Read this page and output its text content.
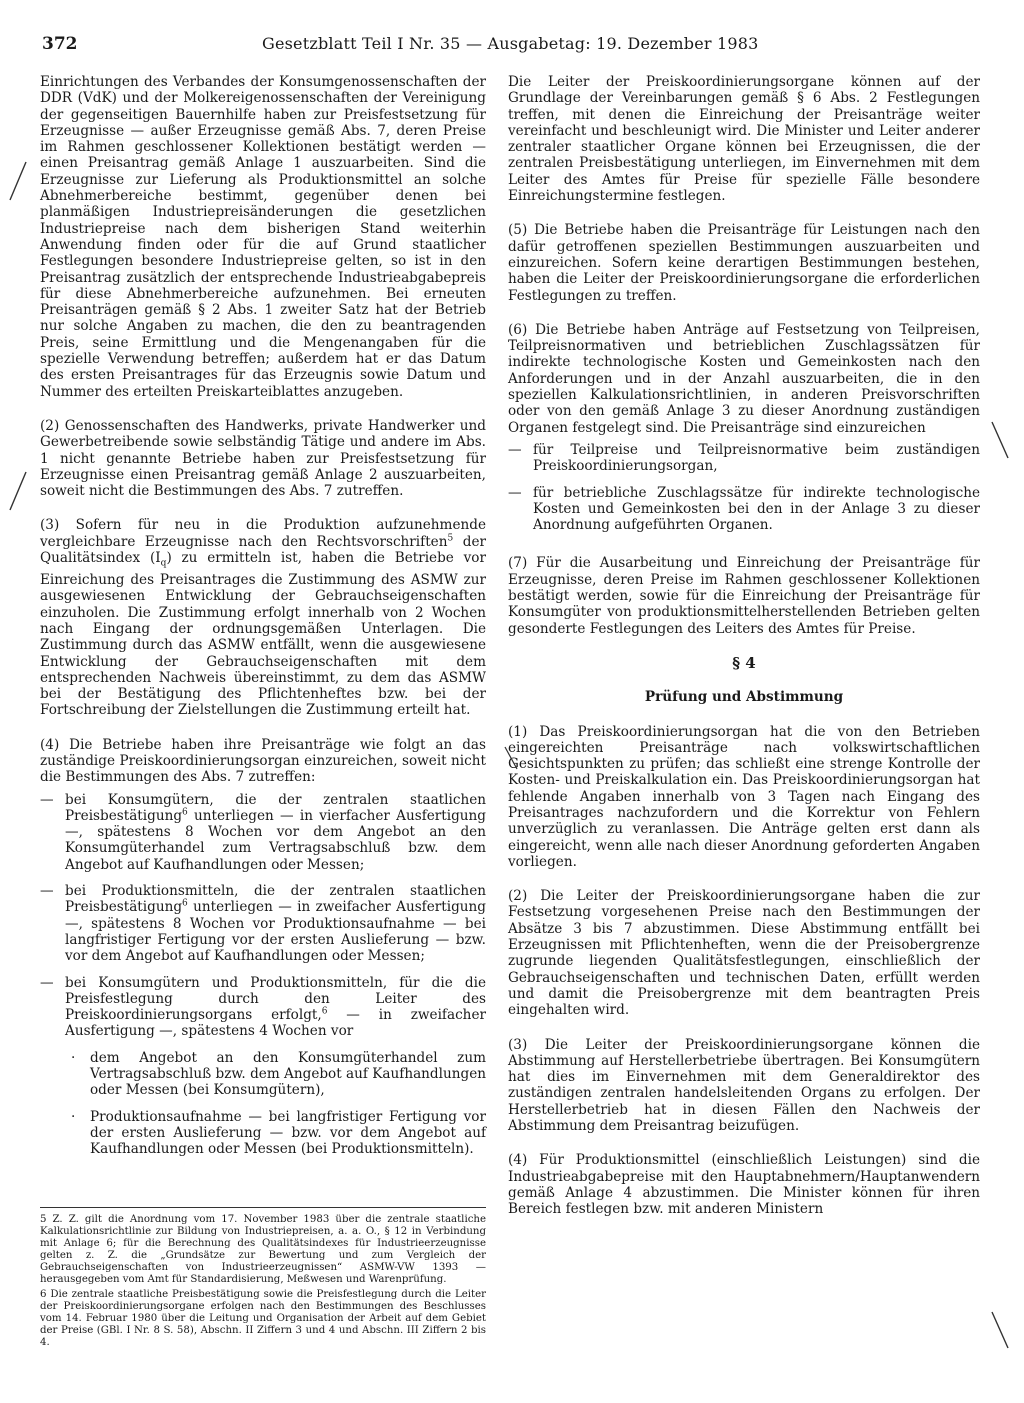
372	Gesetzblatt Teil I Nr. 35 — Ausgabetag: 19. Dezember 1983

Einrichtungen des Verbandes der Konsumgenossenschaften der DDR (VdK) und der Molkereigenossenschaften der Vereinigung der gegenseitigen Bauernhilfe haben zur Preisfestsetzung für Erzeugnisse — außer Erzeugnisse gemäß Abs. 7, deren Preise im Rahmen geschlossener Kollektionen bestätigt werden — einen Preisantrag gemäß Anlage 1 auszuarbeiten. Sind die Erzeugnisse zur Lieferung als Produktionsmittel an solche Abnehmerbereiche bestimmt, gegenüber denen bei planmäßigen Industriepreisänderungen die gesetzlichen Industriepreise nach dem bisherigen Stand weiterhin Anwendung finden oder für die auf Grund staatlicher Festlegungen besondere Industriepreise gelten, so ist in den Preisantrag zusätzlich der entsprechende Industrieabgabepreis für diese Abnehmerbereiche aufzunehmen. Bei erneuten Preisanträgen gemäß § 2 Abs. 1 zweiter Satz hat der Betrieb nur solche Angaben zu machen, die den zu beantragenden Preis, seine Ermittlung und die Mengenangaben für die spezielle Verwendung betreffen; außerdem hat er das Datum des ersten Preisantrages für das Erzeugnis sowie Datum und Nummer des erteilten Preiskarteiblattes anzugeben.

(2) Genossenschaften des Handwerks, private Handwerker und Gewerbetreibende sowie selbständig Tätige und andere im Abs. 1 nicht genannte Betriebe haben zur Preisfestsetzung für Erzeugnisse einen Preisantrag gemäß Anlage 2 auszuarbeiten, soweit nicht die Bestimmungen des Abs. 7 zutreffen.

(3) Sofern für neu in die Produktion aufzunehmende vergleichbare Erzeugnisse nach den Rechtsvorschriften$^5$ der Qualitätsindex $(I_q)$ zu ermitteln ist, haben die Betriebe vor Einreichung des Preisantrages die Zustimmung des ASMW zur ausgewiesenen Entwicklung der Gebrauchseigenschaften einzuholen. Die Zustimmung erfolgt innerhalb von 2 Wochen nach Eingang der ordnungsgemäßen Unterlagen. Die Zustimmung durch das ASMW entfällt, wenn die ausgewiesene Entwicklung der Gebrauchseigenschaften mit dem entsprechenden Nachweis übereinstimmt, zu dem das ASMW bei der Bestätigung des Pflichtenheftes bzw. bei der Fortschreibung der Zielstellungen die Zustimmung erteilt hat.

(4) Die Betriebe haben ihre Preisanträge wie folgt an das zuständige Preiskoordinierungsorgan einzureichen, soweit nicht die Bestimmungen des Abs. 7 zutreffen:

— bei Konsumgütern, die der zentralen staatlichen Preisbestätigung$^6$ unterliegen — in vierfacher Ausfertigung —, spätestens 8 Wochen vor dem Angebot an den Konsumgüterhandel zum Vertragsabschluß bzw. dem Angebot auf Kaufhandlungen oder Messen;
— bei Produktionsmitteln, die der zentralen staatlichen Preisbestätigung$^6$ unterliegen — in zweifacher Ausfertigung —, spätestens 8 Wochen vor Produktionsaufnahme — bei langfristiger Fertigung vor der ersten Auslieferung — bzw. vor dem Angebot auf Kaufhandlungen oder Messen;
— bei Konsumgütern und Produktionsmitteln, für die die Preisfestlegung durch den Leiter des Preiskoordinierungsorgans erfolgt,$^6$ — in zweifacher Ausfertigung —, spätestens 4 Wochen vor
· dem Angebot an den Konsumgüterhandel zum Vertragsabschluß bzw. dem Angebot auf Kaufhandlungen oder Messen (bei Konsumgütern),
· Produktionsaufnahme — bei langfristiger Fertigung vor der ersten Auslieferung — bzw. vor dem Angebot auf Kaufhandlungen oder Messen (bei Produktionsmitteln).

5 Z. Z. gilt die Anordnung vom 17. November 1983 über die zentrale staatliche Kalkulationsrichtlinie zur Bildung von Industriepreisen, a. a. O., § 12 in Verbindung mit Anlage 6; für die Berechnung des Qualitätsindexes für Industrieerzeugnisse gelten z. Z. die „Grundsätze zur Bewertung und zum Vergleich der Gebrauchseigenschaften von Industrieerzeugnissen“ ASMW-VW 1393 — herausgegeben vom Amt für Standardisierung, Meßwesen und Warenprüfung.

6 Die zentrale staatliche Preisbestätigung sowie die Preisfestlegung durch die Leiter der Preiskoordinierungsorgane erfolgen nach den Bestimmungen des Beschlusses vom 14. Februar 1980 über die Leitung und Organisation der Arbeit auf dem Gebiet der Preise (GBl. I Nr. 8 S. 58), Abschn. II Ziffern 3 und 4 und Abschn. III Ziffern 2 bis 4.

Die Leiter der Preiskoordinierungsorgane können auf der Grundlage der Vereinbarungen gemäß § 6 Abs. 2 Festlegungen treffen, mit denen die Einreichung der Preisanträge weiter vereinfacht und beschleunigt wird. Die Minister und Leiter anderer zentraler staatlicher Organe können bei Erzeugnissen, die der zentralen Preisbestätigung unterliegen, im Einvernehmen mit dem Leiter des Amtes für Preise für spezielle Fälle besondere Einreichungstermine festlegen.

(5) Die Betriebe haben die Preisanträge für Leistungen nach den dafür getroffenen speziellen Bestimmungen auszuarbeiten und einzureichen. Sofern keine derartigen Bestimmungen bestehen, haben die Leiter der Preiskoordinierungsorgane die erforderlichen Festlegungen zu treffen.

(6) Die Betriebe haben Anträge auf Festsetzung von Teilpreisen, Teilpreisnormativen und betrieblichen Zuschlagssätzen für indirekte technologische Kosten und Gemeinkosten nach den Anforderungen und in der Anzahl auszuarbeiten, die in den speziellen Kalkulationsrichtlinien, in anderen Preisvorschriften oder von den gemäß Anlage 3 zu dieser Anordnung zuständigen Organen festgelegt sind. Die Preisanträge sind einzureichen

— für Teilpreise und Teilpreisnormative beim zuständigen Preiskoordinierungsorgan,
— für betriebliche Zuschlagssätze für indirekte technologische Kosten und Gemeinkosten bei den in der Anlage 3 zu dieser Anordnung aufgeführten Organen.

(7) Für die Ausarbeitung und Einreichung der Preisanträge für Erzeugnisse, deren Preise im Rahmen geschlossener Kollektionen bestätigt werden, sowie für die Einreichung der Preisanträge für Konsumgüter von produktionsmittelherstellenden Betrieben gelten gesonderte Festlegungen des Leiters des Amtes für Preise.

§ 4

Prüfung und Abstimmung

(1) Das Preiskoordinierungsorgan hat die von den Betrieben eingereichten Preisanträge nach volkswirtschaftlichen Gesichtspunkten zu prüfen; das schließt eine strenge Kontrolle der Kosten- und Preiskalkulation ein. Das Preiskoordinierungsorgan hat fehlende Angaben innerhalb von 3 Tagen nach Eingang des Preisantrages nachzufordern und die Korrektur von Fehlern unverzüglich zu veranlassen. Die Anträge gelten erst dann als eingereicht, wenn alle nach dieser Anordnung geforderten Angaben vorliegen.

(2) Die Leiter der Preiskoordinierungsorgane haben die zur Festsetzung vorgesehenen Preise nach den Bestimmungen der Absätze 3 bis 7 abzustimmen. Diese Abstimmung entfällt bei Erzeugnissen mit Pflichtenheften, wenn die der Preisobergrenze zugrunde liegenden Qualitätsfestlegungen, einschließlich der Gebrauchseigenschaften und technischen Daten, erfüllt werden und damit die Preisobergrenze mit dem beantragten Preis eingehalten wird.

(3) Die Leiter der Preiskoordinierungsorgane können die Abstimmung auf Herstellerbetriebe übertragen. Bei Konsumgütern hat dies im Einvernehmen mit dem Generaldirektor des zuständigen zentralen handelsleitenden Organs zu erfolgen. Der Herstellerbetrieb hat in diesen Fällen den Nachweis der Abstimmung dem Preisantrag beizufügen.

(4) Für Produktionsmittel (einschließlich Leistungen) sind die Industrieabgabepreise mit den Hauptabnehmern/Hauptanwendern gemäß Anlage 4 abzustimmen. Die Minister können für ihren Bereich festlegen bzw. mit anderen Ministern
